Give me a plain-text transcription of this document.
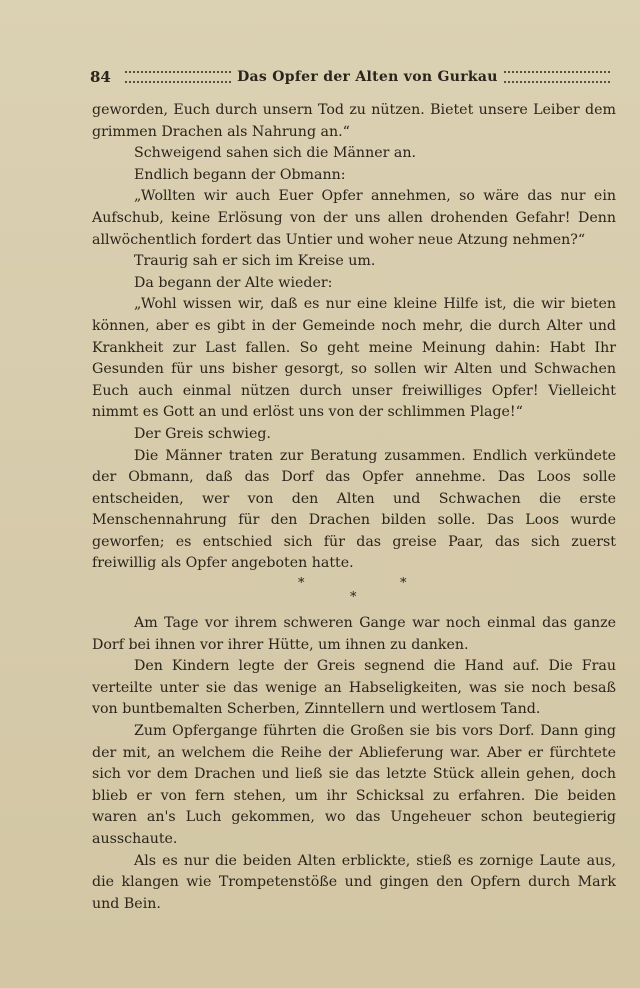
84	Das Opfer der Alten von Gurkau

geworden, Euch durch unsern Tod zu nützen. Bietet unsere Leiber dem grimmen Drachen als Nahrung an.“

Schweigend sahen sich die Männer an.

Endlich begann der Obmann:

„Wollten wir auch Euer Opfer annehmen, so wäre das nur ein Aufschub, keine Erlösung von der uns allen drohenden Gefahr! Denn allwöchentlich fordert das Untier und woher neue Atzung nehmen?“

Traurig sah er sich im Kreise um.

Da begann der Alte wieder:

„Wohl wissen wir, daß es nur eine kleine Hilfe ist, die wir bieten können, aber es gibt in der Gemeinde noch mehr, die durch Alter und Krankheit zur Last fallen. So geht meine Meinung dahin: Habt Ihr Gesunden für uns bisher gesorgt, so sollen wir Alten und Schwachen Euch auch einmal nützen durch unser freiwilliges Opfer! Vielleicht nimmt es Gott an und erlöst uns von der schlimmen Plage!“

Der Greis schwieg.

Die Männer traten zur Beratung zusammen. Endlich verkündete der Obmann, daß das Dorf das Opfer annehme. Das Loos solle entscheiden, wer von den Alten und Schwachen die erste Menschennahrung für den Drachen bilden solle. Das Loos wurde geworfen; es entschied sich für das greise Paar, das sich zuerst freiwillig als Opfer angeboten hatte.

*
*
*

Am Tage vor ihrem schweren Gange war noch einmal das ganze Dorf bei ihnen vor ihrer Hütte, um ihnen zu danken.

Den Kindern legte der Greis segnend die Hand auf. Die Frau verteilte unter sie das wenige an Habseligkeiten, was sie noch besaß von buntbemalten Scherben, Zinntellern und wertlosem Tand.

Zum Opfergange führten die Großen sie bis vors Dorf. Dann ging der mit, an welchem die Reihe der Ablieferung war. Aber er fürchtete sich vor dem Drachen und ließ sie das letzte Stück allein gehen, doch blieb er von fern stehen, um ihr Schicksal zu erfahren. Die beiden waren an's Luch gekommen, wo das Ungeheuer schon beutegierig ausschaute.

Als es nur die beiden Alten erblickte, stieß es zornige Laute aus, die klangen wie Trompetenstöße und gingen den Opfern durch Mark und Bein.
